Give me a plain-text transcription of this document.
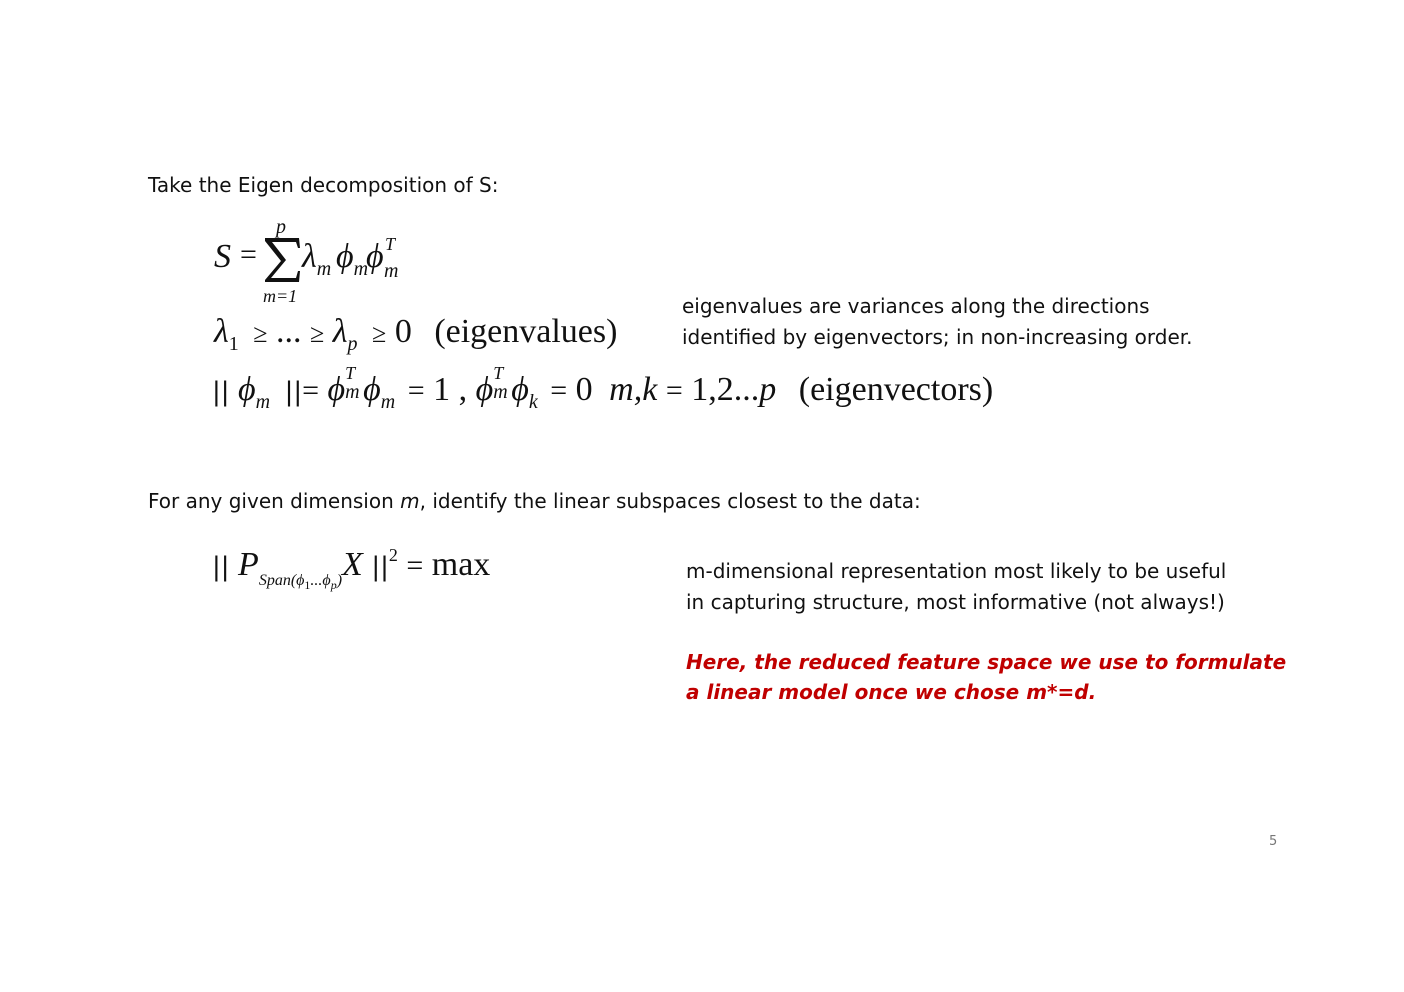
Take the Eigen decomposition of S:
S =
p
m=1
$\lambda_m$ $\phi_m$
ϕ T
m
$\lambda_1$ ≥ ... ≥ $\lambda_p \ge 0$ (eigenvalues)
eigenvalues are variances along the directions
identified by eigenvectors; in non-increasing order.
|| $\phi_m$ ||= ϕ T
m $\phi_m = 1$ , ϕ T
m $\phi_k = 0$ m,k = 1,2...p (eigenvectors)
For any given dimension m, identify the linear subspaces closest to the data:
|| $P_{Span(\phi_1...\phi_p)}X$ $||^2 = \max$	m-dimensional representation most likely to be useful
in capturing structure, most informative (not always!)
Here, the reduced feature space we use to formulate
a linear model once we chose m*=d.
5
